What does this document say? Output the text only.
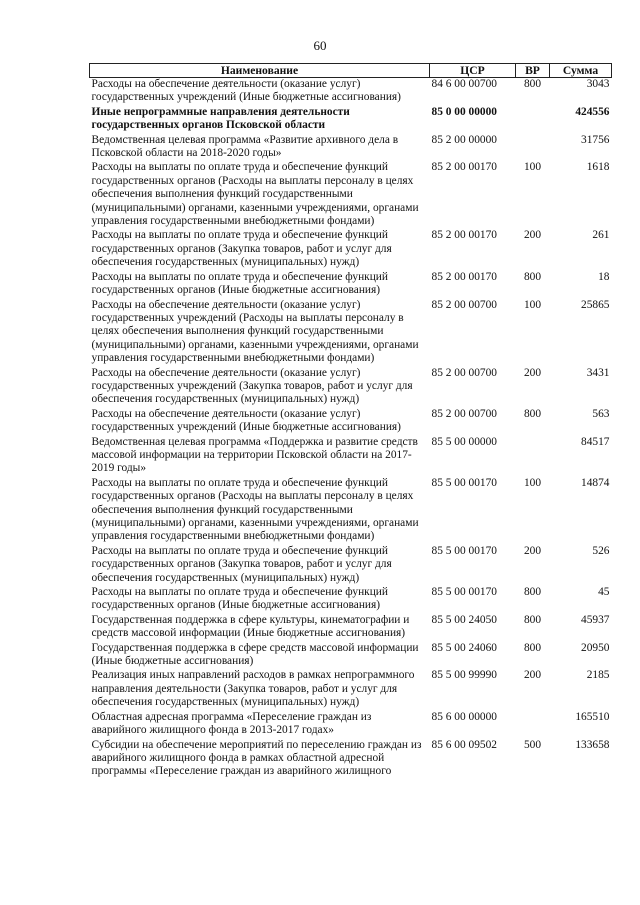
60
Наименование	ЦСР	ВР	Сумма
Расходы на обеспечение деятельности (оказание услуг) государственных учреждений (Иные бюджетные ассигнования)	84 6 00 00700	800	3043
Иные непрограммные направления деятельности государственных органов Псковской области	85 0 00 00000		424556
Ведомственная целевая программа «Развитие архивного дела в Псковской области на 2018-2020 годы»	85 2 00 00000		31756
Расходы на выплаты по оплате труда и обеспечение функций государственных органов (Расходы на выплаты персоналу в целях обеспечения выполнения функций государственными (муниципальными) органами, казенными учреждениями, органами управления государственными внебюджетными фондами)	85 2 00 00170	100	1618
Расходы на выплаты по оплате труда и обеспечение функций государственных органов (Закупка товаров, работ и услуг для обеспечения государственных (муниципальных) нужд)	85 2 00 00170	200	261
Расходы на выплаты по оплате труда и обеспечение функций государственных органов (Иные бюджетные ассигнования)	85 2 00 00170	800	18
Расходы на обеспечение деятельности (оказание услуг) государственных учреждений (Расходы на выплаты персоналу в целях обеспечения выполнения функций государственными (муниципальными) органами, казенными учреждениями, органами управления государственными внебюджетными фондами)	85 2 00 00700	100	25865
Расходы на обеспечение деятельности (оказание услуг) государственных учреждений (Закупка товаров, работ и услуг для обеспечения государственных (муниципальных) нужд)	85 2 00 00700	200	3431
Расходы на обеспечение деятельности (оказание услуг) государственных учреждений (Иные бюджетные ассигнования)	85 2 00 00700	800	563
Ведомственная целевая программа «Поддержка и развитие средств массовой информации на территории Псковской области на 2017-2019 годы»	85 5 00 00000		84517
Расходы на выплаты по оплате труда и обеспечение функций государственных органов (Расходы на выплаты персоналу в целях обеспечения выполнения функций государственными (муниципальными) органами, казенными учреждениями, органами управления государственными внебюджетными фондами)	85 5 00 00170	100	14874
Расходы на выплаты по оплате труда и обеспечение функций государственных органов (Закупка товаров, работ и услуг для обеспечения государственных (муниципальных) нужд)	85 5 00 00170	200	526
Расходы на выплаты по оплате труда и обеспечение функций государственных органов (Иные бюджетные ассигнования)	85 5 00 00170	800	45
Государственная поддержка в сфере культуры, кинематографии и средств массовой информации (Иные бюджетные ассигнования)	85 5 00 24050	800	45937
Государственная поддержка в сфере средств массовой информации (Иные бюджетные ассигнования)	85 5 00 24060	800	20950
Реализация иных направлений расходов в рамках непрограммного направления деятельности (Закупка товаров, работ и услуг для обеспечения государственных (муниципальных) нужд)	85 5 00 99990	200	2185
Областная адресная программа «Переселение граждан из аварийного жилищного фонда в 2013-2017 годах»	85 6 00 00000		165510
Субсидии на обеспечение мероприятий по переселению граждан из аварийного жилищного фонда в рамках областной адресной программы «Переселение граждан из аварийного жилищного	85 6 00 09502	500	133658
